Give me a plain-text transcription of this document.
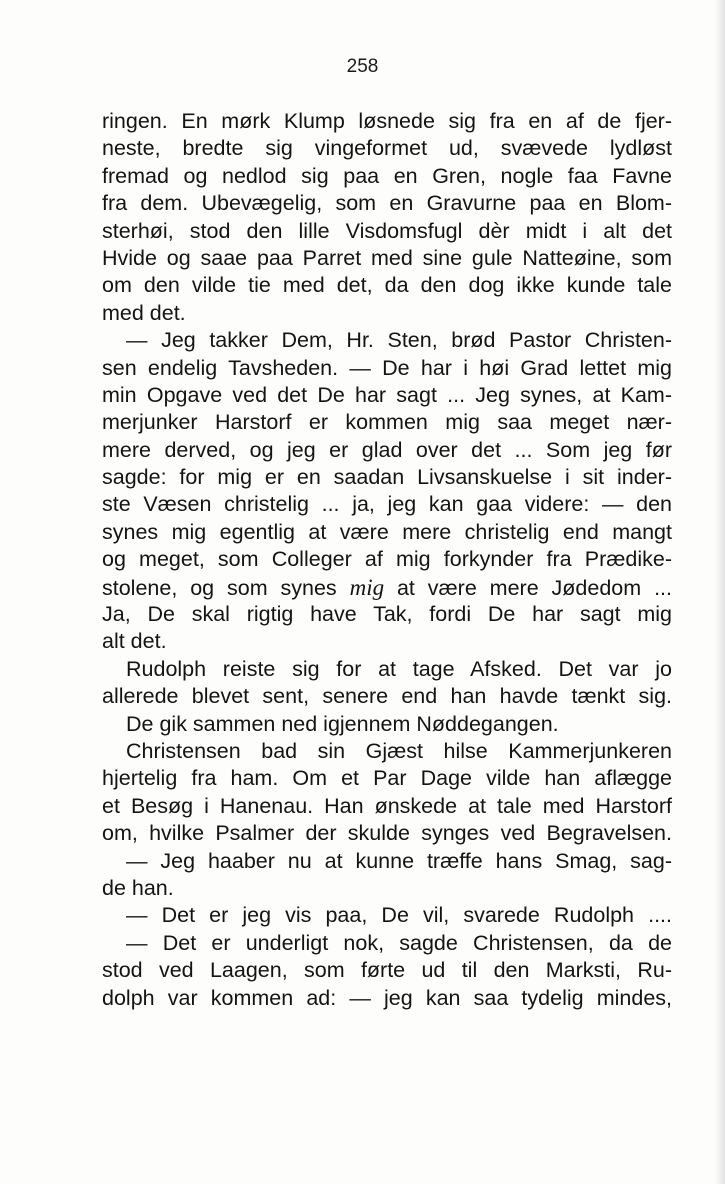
258
ringen. En mørk Klump løsnede sig fra en af de fjer-
neste, bredte sig vingeformet ud, svævede lydløst
fremad og nedlod sig paa en Gren, nogle faa Favne
fra dem. Ubevægelig, som en Gravurne paa en Blom-
sterhøi, stod den lille Visdomsfugl dèr midt i alt det
Hvide og saae paa Parret med sine gule Natteøine, som
om den vilde tie med det, da den dog ikke kunde tale
med det.
— Jeg takker Dem, Hr. Sten, brød Pastor Christen-
sen endelig Tavsheden. — De har i høi Grad lettet mig
min Opgave ved det De har sagt ... Jeg synes, at Kam-
merjunker Harstorf er kommen mig saa meget nær-
mere derved, og jeg er glad over det ... Som jeg før
sagde: for mig er en saadan Livsanskuelse i sit inder-
ste Væsen christelig ... ja, jeg kan gaa videre: — den
synes mig egentlig at være mere christelig end mangt
og meget, som Colleger af mig forkynder fra Prædike-
stolene, og som synes mig at være mere Jødedom ...
Ja, De skal rigtig have Tak, fordi De har sagt mig
alt det.
Rudolph reiste sig for at tage Afsked. Det var jo
allerede blevet sent, senere end han havde tænkt sig.
De gik sammen ned igjennem Nøddegangen.
Christensen bad sin Gjæst hilse Kammerjunkeren
hjertelig fra ham. Om et Par Dage vilde han aflægge
et Besøg i Hanenau. Han ønskede at tale med Harstorf
om, hvilke Psalmer der skulde synges ved Begravelsen.
— Jeg haaber nu at kunne træffe hans Smag, sag-
de han.
— Det er jeg vis paa, De vil, svarede Rudolph ....
— Det er underligt nok, sagde Christensen, da de
stod ved Laagen, som førte ud til den Marksti, Ru-
dolph var kommen ad: — jeg kan saa tydelig mindes,
